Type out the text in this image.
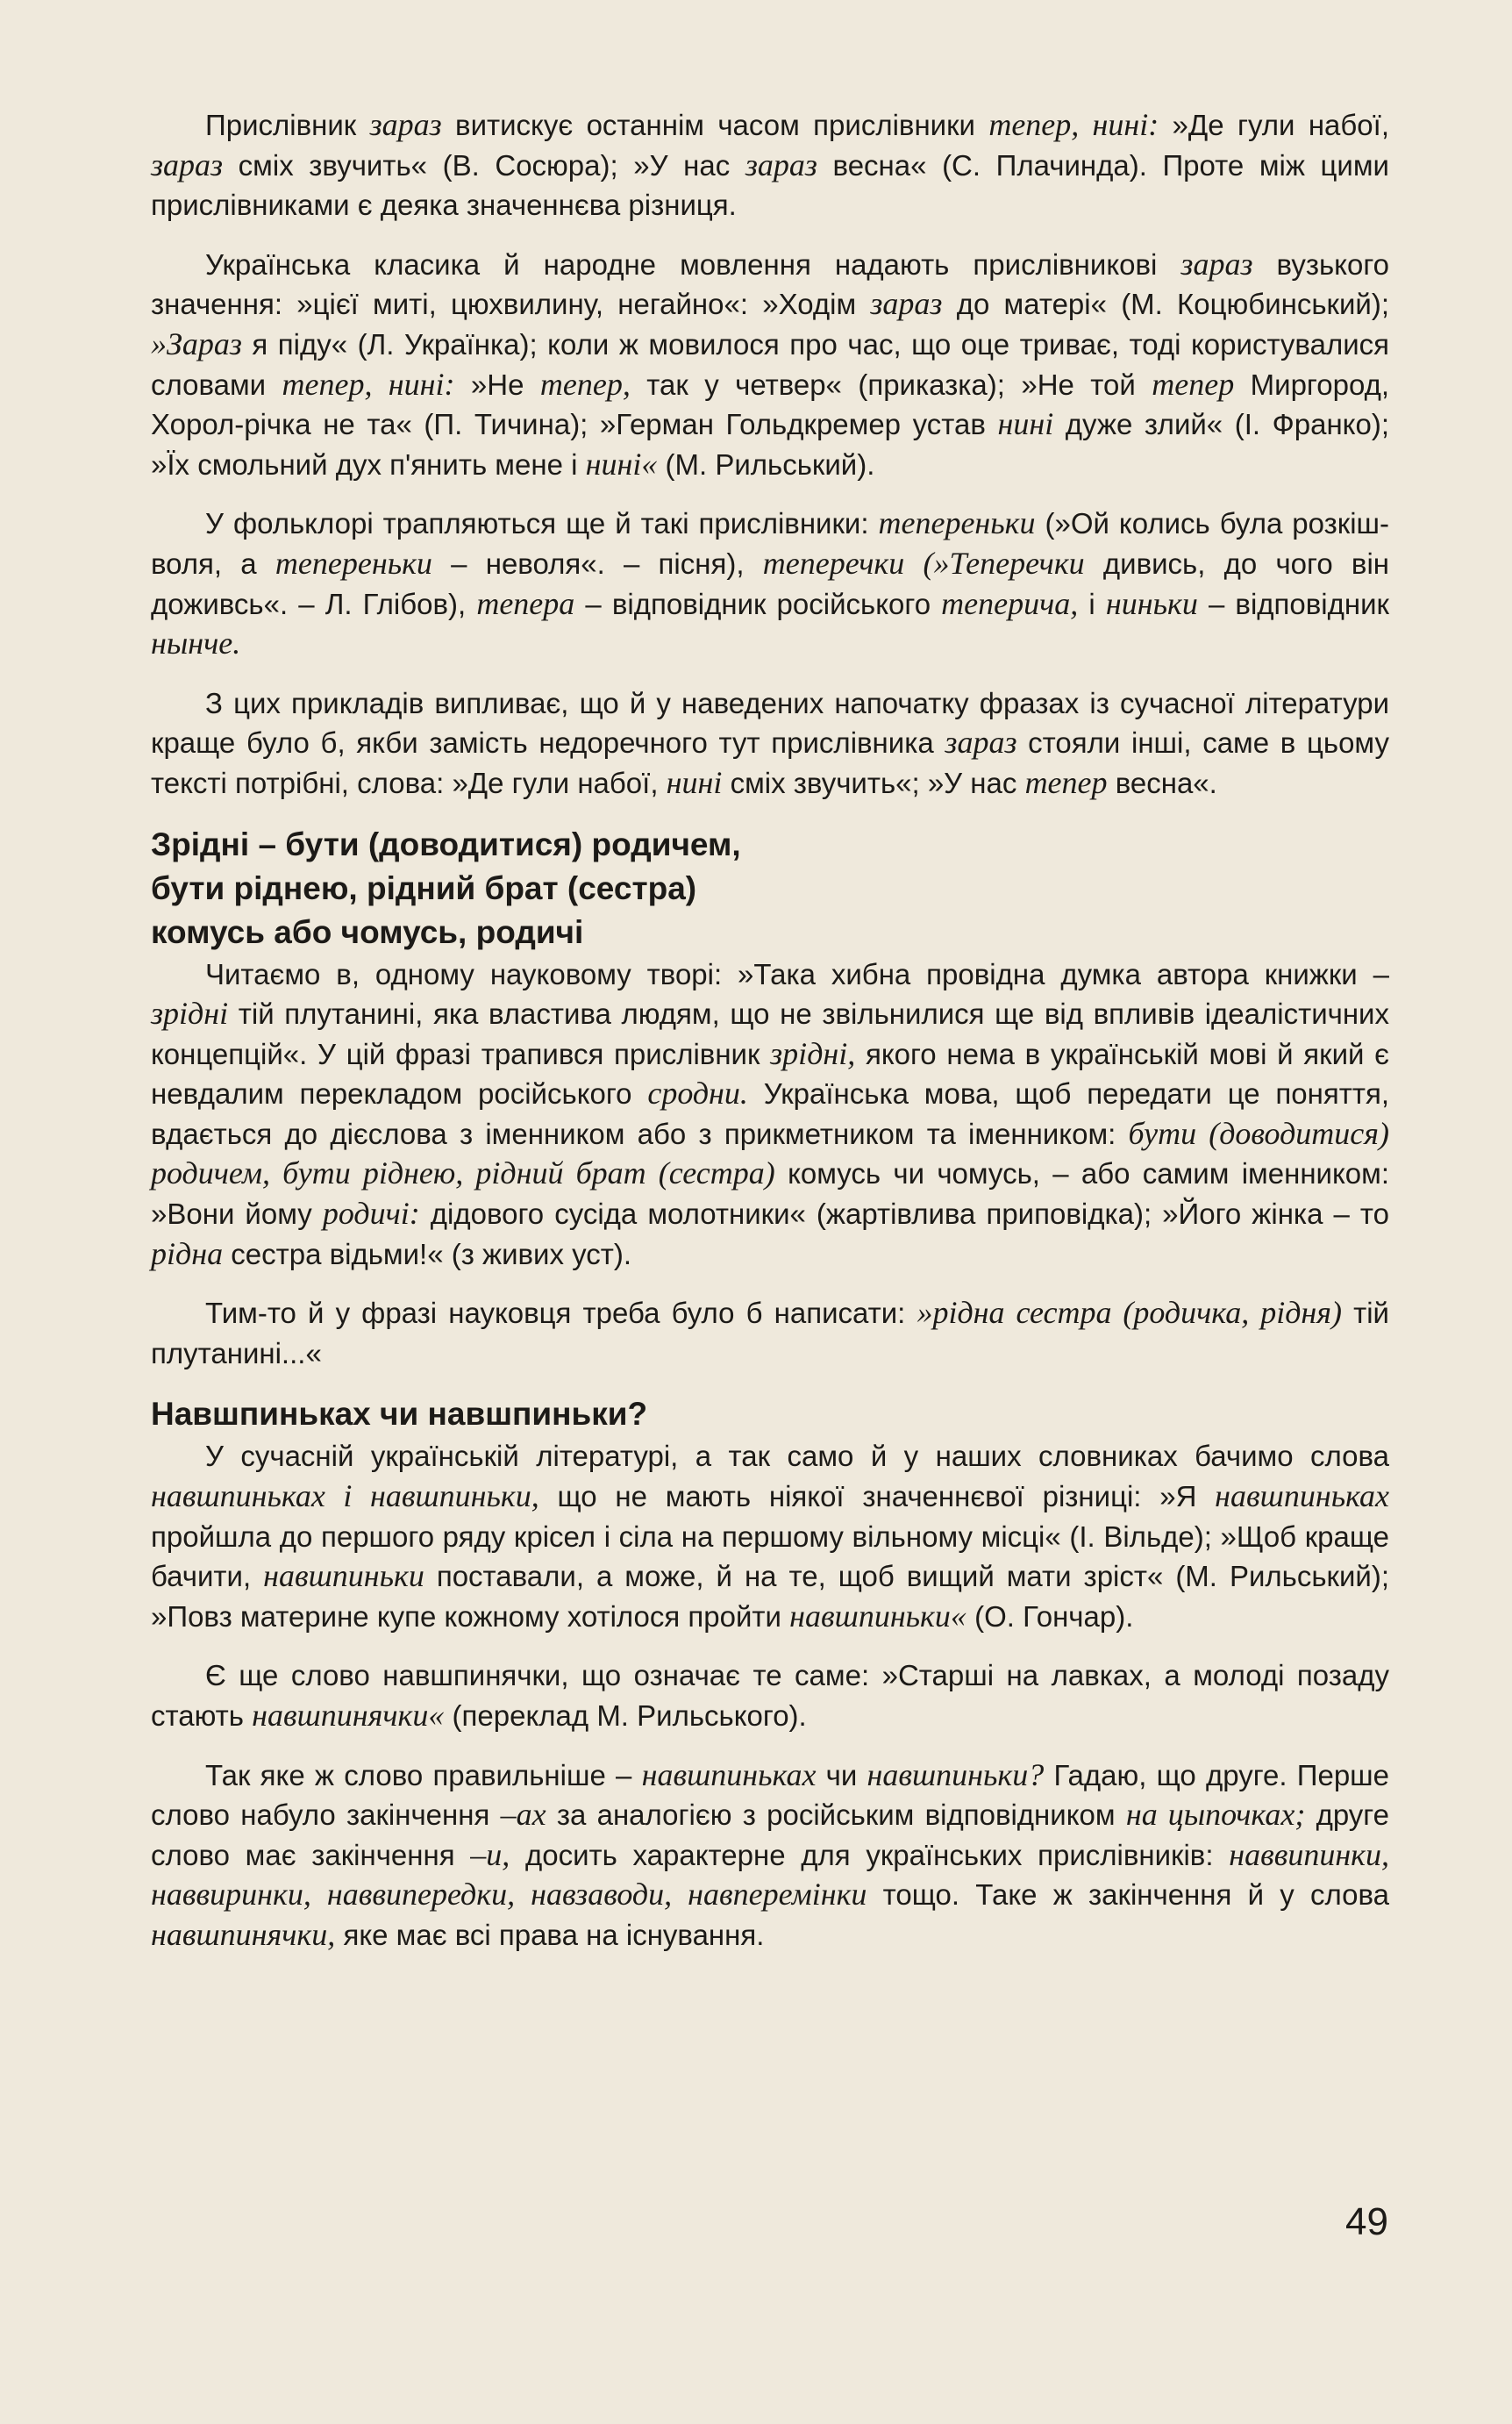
Прислівник зараз витискує останнім часом прислівники тепер, нині: »Де гули набої, зараз сміх звучить« (В. Сосюра); »У нас зараз весна« (С. Плачинда). Проте між цими прислівниками є деяка значеннєва різниця.

Українська класика й народне мовлення надають прислівникові зараз вузького значення: »цієї миті, цюхвилину, негайно«: »Ходім зараз до матері« (М. Коцюбинський); »Зараз я піду« (Л. Українка); коли ж мовилося про час, що оце триває, тоді користувалися словами тепер, нині: »Не тепер, так у четвер« (приказка); »Не той тепер Миргород, Хорол-річка не та« (П. Тичина); »Герман Гольдкремер устав нині дуже злий« (І. Франко); »Їх смольний дух п'янить мене і нині« (М. Рильський).

У фольклорі трапляються ще й такі прислівники: тепереньки (»Ой колись була розкіш-воля, а тепереньки – неволя«. – пісня), теперечки (»Теперечки дивись, до чого він доживсь«. – Л. Глібов), тепера – відповідник російського теперича, і ниньки – відповідник нынче.

З цих прикладів випливає, що й у наведених напочатку фразах із сучасної літератури краще було б, якби замість недоречного тут прислівника зараз стояли інші, саме в цьому тексті потрібні, слова: »Де гули набої, нині сміх звучить«; »У нас тепер весна«.

Зрідні – бути (доводитися) родичем,
бути ріднею, рідний брат (сестра)
комусь або чомусь, родичі

Читаємо в, одному науковому творі: »Така хибна провідна думка автора книжки – зрідні тій плутанині, яка властива людям, що не звільнилися ще від впливів ідеалістичних концепцій«. У цій фразі трапився прислівник зрідні, якого нема в українській мові й який є невдалим перекладом російського сродни. Українська мова, щоб передати це поняття, вдається до дієслова з іменником або з прикметником та іменником: бути (доводитися) родичем, бути ріднею, рідний брат (сестра) комусь чи чомусь, – або самим іменником: »Вони йому родичі: дідового сусіда молотники« (жартівлива приповідка); »Його жінка – то рідна сестра відьми!« (з живих уст).

Тим-то й у фразі науковця треба було б написати: »рідна сестра (родичка, рідня) тій плутанині...«

Навшпиньках чи навшпиньки?

У сучасній українській літературі, а так само й у наших словниках бачимо слова навшпиньках і навшпиньки, що не мають ніякої значеннєвої різниці: »Я навшпиньках пройшла до першого ряду крісел і сіла на першому вільному місці« (І. Вільде); »Щоб краще бачити, навшпиньки поставали, а може, й на те, щоб вищий мати зріст« (М. Рильський); »Повз материне купе кожному хотілося пройти навшпиньки« (О. Гончар).

Є ще слово навшпинячки, що означає те саме: »Старші на лавках, а молоді позаду стають навшпинячки« (переклад М. Рильського).

Так яке ж слово правильніше – навшпиньках чи навшпиньки? Гадаю, що друге. Перше слово набуло закінчення –ах за аналогією з російським відповідником на цыпочках; друге слово має закінчення –и, досить характерне для українських прислівників: наввипинки, наввиринки, наввипередки, навзаводи, навперемінки тощо. Таке ж закінчення й у слова навшпинячки, яке має всі права на існування.

49
